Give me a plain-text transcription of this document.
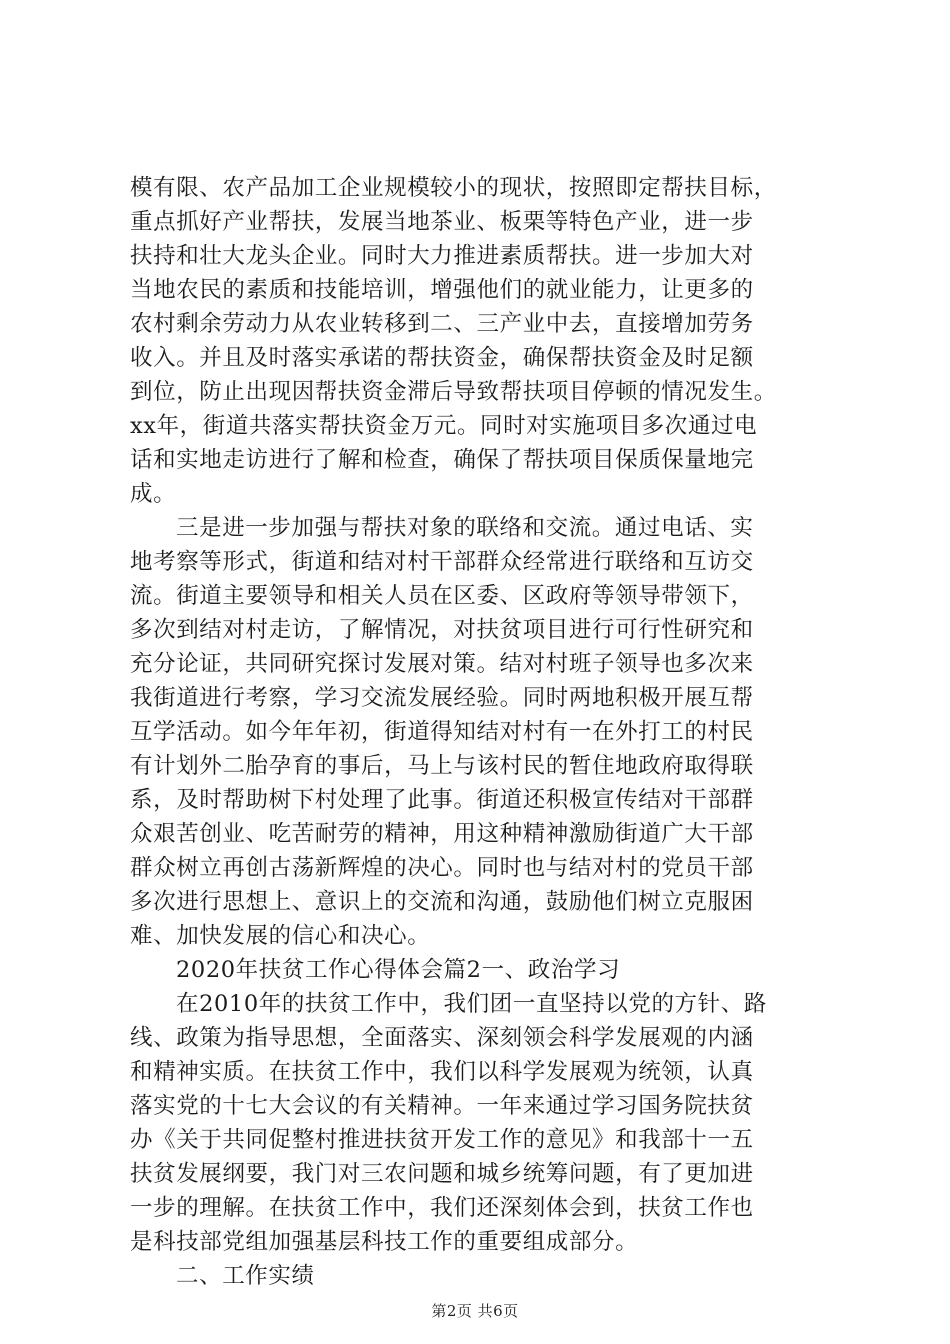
模有限、农产品加工企业规模较小的现状，按照即定帮扶目标，
重点抓好产业帮扶，发展当地茶业、板栗等特色产业，进一步
扶持和壮大龙头企业。同时大力推进素质帮扶。进一步加大对
当地农民的素质和技能培训，增强他们的就业能力，让更多的
农村剩余劳动力从农业转移到二、三产业中去，直接增加劳务
收入。并且及时落实承诺的帮扶资金，确保帮扶资金及时足额
到位，防止出现因帮扶资金滞后导致帮扶项目停顿的情况发生。
xx年，街道共落实帮扶资金万元。同时对实施项目多次通过电
话和实地走访进行了解和检查，确保了帮扶项目保质保量地完
成。
三是进一步加强与帮扶对象的联络和交流。通过电话、实
地考察等形式，街道和结对村干部群众经常进行联络和互访交
流。街道主要领导和相关人员在区委、区政府等领导带领下，
多次到结对村走访，了解情况，对扶贫项目进行可行性研究和
充分论证，共同研究探讨发展对策。结对村班子领导也多次来
我街道进行考察，学习交流发展经验。同时两地积极开展互帮
互学活动。如今年年初，街道得知结对村有一在外打工的村民
有计划外二胎孕育的事后，马上与该村民的暂住地政府取得联
系，及时帮助树下村处理了此事。街道还积极宣传结对干部群
众艰苦创业、吃苦耐劳的精神，用这种精神激励街道广大干部
群众树立再创古荡新辉煌的决心。同时也与结对村的党员干部
多次进行思想上、意识上的交流和沟通，鼓励他们树立克服困
难、加快发展的信心和决心。
2020年扶贫工作心得体会篇2一、政治学习
在2010年的扶贫工作中，我们团一直坚持以党的方针、路
线、政策为指导思想，全面落实、深刻领会科学发展观的内涵
和精神实质。在扶贫工作中，我们以科学发展观为统领，认真
落实党的十七大会议的有关精神。一年来通过学习国务院扶贫
办《关于共同促整村推进扶贫开发工作的意见》和我部十一五
扶贫发展纲要，我门对三农问题和城乡统筹问题，有了更加进
一步的理解。在扶贫工作中，我们还深刻体会到，扶贫工作也
是科技部党组加强基层科技工作的重要组成部分。
第2页 共6页
二、工作实绩
